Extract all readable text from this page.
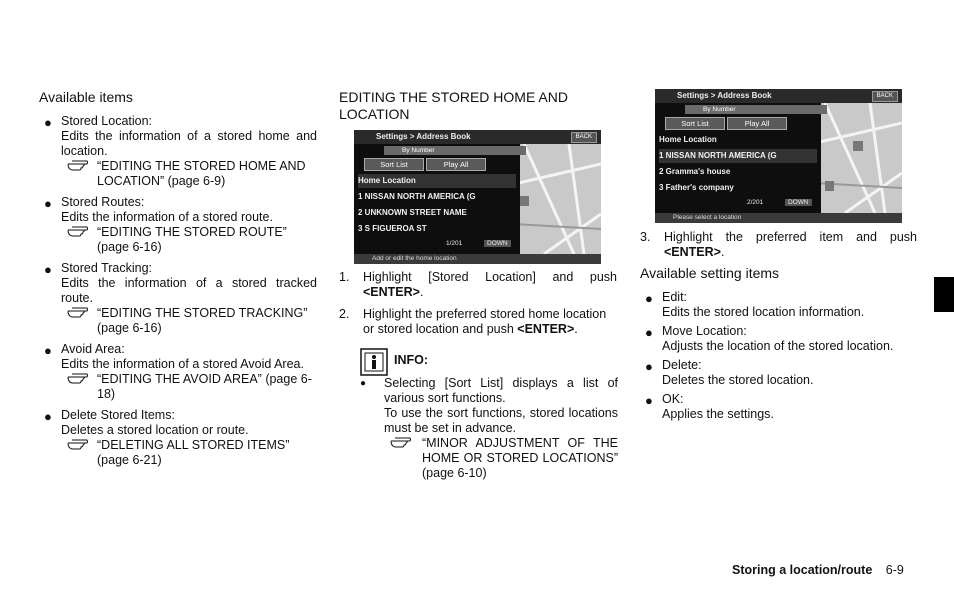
Available items
● Stored Location:
Edits the information of a stored home and location.
“EDITING THE STORED HOME AND LOCATION” (page 6-9)
● Stored Routes:
Edits the information of a stored route.
“EDITING THE STORED ROUTE” (page 6-16)
● Stored Tracking:
Edits the information of a stored tracked route.
“EDITING THE STORED TRACKING” (page 6-16)
● Avoid Area:
Edits the information of a stored Avoid Area.
“EDITING THE AVOID AREA” (page 6-18)
● Delete Stored Items:
Deletes a stored location or route.
“DELETING ALL STORED ITEMS” (page 6-21)
EDITING THE STORED HOME AND
LOCATION
Settings > Address Book	BACK
By Number
Sort List	Play All
Home Location
1 NISSAN NORTH AMERICA (G
2 UNKNOWN STREET NAME
3 S FIGUEROA ST
1/201	DOWN
Add or edit the home location
1. Highlight [Stored Location] and push <ENTER>.
2. Highlight the preferred stored home location or stored location and push <ENTER>.
INFO:
● Selecting [Sort List] displays a list of various sort functions.
To use the sort functions, stored locations must be set in advance.
“MINOR ADJUSTMENT OF THE HOME OR STORED LOCATIONS” (page 6-10)
Settings > Address Book	BACK
By Number
Sort List	Play All
Home Location
1 NISSAN NORTH AMERICA (G
2 Gramma's house
3 Father's company
2/201	DOWN
Please select a location
3. Highlight the preferred item and push <ENTER>.
Available setting items
● Edit:
Edits the stored location information.
● Move Location:
Adjusts the location of the stored location.
● Delete:
Deletes the stored location.
● OK:
Applies the settings.
Storing a location/route 6-9
